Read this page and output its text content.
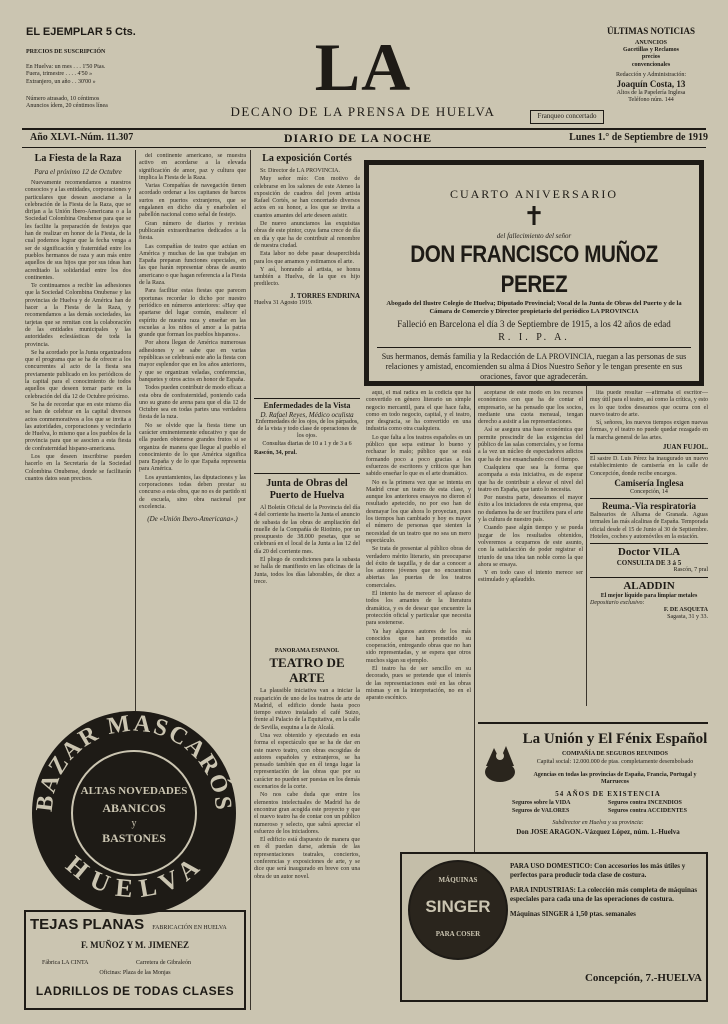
EL EJEMPLAR 5 Cts.
PRECIOS DE SUSCRIPCIÓN
En Huelva: un mes . . . 1'50 Ptas.
Fuera, trimestre . . . . 4'50 »
Extranjero, un año . . 30'00 »
Número atrasado, 10 céntimos
Anuncios ídem, 20 céntimos línea
LA
DECANO DE LA PRENSA DE HUELVA
ÚLTIMAS NOTICIAS
ANUNCIOS
Gacetillas y Reclamos
precios
convencionales
Redacción y Administración:
Joaquín Costa, 13
Altos de la Papelería Inglesa
Teléfono núm. 144
Franqueo concertado
Año XLVI.-Núm. 11.307	DIARIO DE LA NOCHE	Lunes 1.° de Septiembre de 1919
La Fiesta de la Raza
Para el próximo 12 de Octubre
Nuevamente recomendamos a nuestros consocios y a las entidades, corporaciones y particulares que desean asociarse a la celebración de la Fiesta de la Raza, que se dirijan a la Unión Ibero-Americana o a la Sociedad Colombina Onubense para que se les facilite la preparación de festejos que han de realizar en honor de la Fiesta, de la cual podemos lograr que la fecha venga a ser de significación y fraternidad entre los pueblos hermanos de raza y aun más entre aquellos de sus hijos que por sus ideas han acreditado la solidaridad entre los dos continentes.
Te continuamos a recibir las adhesiones que la Sociedad Colombina Onubense y las provincias de Huelva y de América han de hacer a la Fiesta de la Raza, y recomendamos a las demás sociedades, las tarjetas que se remitan con la colaboración de las entidades municipales y las autoridades eclesiásticas de toda la provincia.
Se ha acordado por la Junta organizadora que el programa que se ha de ofrecer a los concurrentes al acto de la fiesta sea previamente publicado en los periódicos de la capital para el conocimiento de todos aquellos que deseen tomar parte en la celebración del día 12 de Octubre próximo.
Se ha de recordar que en este mismo día se han de celebrar en la capital diversos actos conmemorativos a los que se invita a las autoridades, corporaciones y vecindario de Huelva, lo mismo que a los pueblos de la provincia para que se asocien a esta fiesta de confraternidad hispano-americana.
Los que deseen inscribirse pueden hacerlo en la Secretaría de la Sociedad Colombina Onubense, donde se facilitarán cuantos datos sean precisos.
del continente americano, se muestra activo en acordarse a la elevada significación de amor, paz y cultura que implica la Fiesta de la Raza.
Varias Compañías de navegación tienen acordado ordenar a los capitanes de barcos surtos en puertos extranjeros, que se engalanen en dicho día y enarbolen el pabellón nacional como señal de festejo.
Gran número de diarios y revistas publicarán extraordinarios dedicados a la fiesta.
Las compañías de teatro que actúan en América y muchas de las que trabajan en España preparan funciones especiales, en las que harán representar obras de asunto americano o que hagan referencia a la Fiesta de la Raza.
Para facilitar estas fiestas que parecen oportunas recordar lo dicho por nuestro periódico en números anteriores: «Hay que apartarse del lugar común, enaltecer el espíritu de nuestra raza y enseñar en las escuelas a los niños el amor a la patria grande que forman los pueblos hispanos».
Por ahora llegan de América numerosas adhesiones y se sabe que en varias repúblicas se celebrará este año la fiesta con mayor esplendor que en los años anteriores, y que se organizan veladas, conferencias, banquetes y otros actos en honor de España.
Todos pueden contribuir de modo eficaz a esta obra de confraternidad, poniendo cada uno su grano de arena para que el día 12 de Octubre sea en todas partes una verdadera fiesta de la raza.
No se olvide que la fiesta tiene un carácter eminentemente educativo y que de ella pueden obtenerse grandes frutos si se organiza de manera que llegue al pueblo el conocimiento de lo que América significa para España y de lo que España representa para América.
Los ayuntamientos, las diputaciones y las corporaciones todas deben prestar su concurso a esta obra, que no es de partido ni de escuela, sino obra nacional por excelencia.
(De «Unión Ibero-Americana».)
La exposición Cortés
Sr. Director de LA PROVINCIA.
Muy señor mío: Con motivo de celebrarse en los salones de este Ateneo la exposición de cuadros del joven artista Rafael Cortés, se han concertado diversos actos en su honor, a los que se invita a cuantos amantes del arte deseen asistir.
De nuevo anunciamos las exquisitas obras de este pintor, cuya fama crece de día en día y que ha de contribuir al renombre de nuestra ciudad.
Esta labor no debe pasar desapercibida para los que amamos y estimamos el arte.
Y así, honrando al artista, se honra también a Huelva, de la que es hijo predilecto.
J. TORRES ENDRINA
Huelva 31 Agosto 1919.
Enfermedades de la Vista
D. Rafael Reyes, Médico oculista
Enfermedades de los ojos, de los párpados, de la vista y todo clase de operaciones de los ojos.
Consultas diarias de 10 a 1 y de 3 a 6
Rascón, 34, pral.
Junta de Obras del Puerto de Huelva
Al Boletín Oficial de la Provincia del día 4 del corriente ha inserto la Junta el anuncio de subasta de las obras de ampliación del muelle de la Compañía de Riotinto, por un presupuesto de 38.000 pesetas, que se celebrará en el local de la Junta a las 12 del día 20 del corriente mes.
El pliego de condiciones para la subasta se halla de manifiesto en las oficinas de la Junta, todos los días laborables, de diez a trece.
PANORAMA ESPAÑOL
TEATRO DE ARTE
La plausible iniciativa van a iniciar la reaparición de uno de los teatros de arte de Madrid, el edificio donde hasta poco tiempo estuvo instalado el café Suizo, frente al Palacio de la Equitativa, en la calle de Sevilla, esquina a la de Alcalá.
Una vez obtenido y ejecutado en esta forma el espectáculo que se ha de dar en este nuevo teatro, con obras escogidas de autores españoles y extranjeros, se ha pensado también que en él tenga lugar la representación de las obras que por su carácter no pueden ser puestas en los demás escenarios de la corte.
No nos cabe duda que entre los elementos intelectuales de Madrid ha de encontrar gran acogida este proyecto y que el nuevo teatro ha de contar con un público numeroso y selecto, que sabrá apreciar el esfuerzo de los iniciadores.
El edificio está dispuesto de manera que en él puedan darse, además de las representaciones teatrales, conciertos, conferencias y exposiciones de arte, y se dice que será inaugurado en breve con una obra de un autor novel.
CUARTO ANIVERSARIO
✝
del fallecimiento del señor
DON FRANCISCO MUÑOZ PEREZ
Abogado del Ilustre Colegio de Huelva; Diputado Provincial; Vocal de la Junta de Obras del Puerto y de la Cámara de Comercio y Director propietario del periódico LA PROVINCIA
Falleció en Barcelona el día 3 de Septiembre de 1915, a los 42 años de edad
R. I. P. A.
Sus hermanos, demás familia y la Redacción de LA PROVINCIA, ruegan a las personas de sus relaciones y amistad, encomienden su alma á Dios Nuestro Señor y le tengan presente en sus oraciones, favor que agradecerán.
aquí, el mal radica en la codicia que ha convertido en género literario un simple negocio mercantil, para el que hace falta, como en todo negocio, capital, y el teatro, por desgracia, se ha convertido en una industria como otra cualquiera.
Lo que falta a los teatros españoles es un público que sepa estimar lo bueno y rechazar lo malo; público que se está formando poco a poco gracias a los esfuerzos de escritores y críticos que han sabido enseñar lo que es el arte dramático.
No es la primera vez que se intenta en Madrid crear un teatro de esta clase, y aunque los anteriores ensayos no dieron el resultado apetecido, no por eso han de desmayar los que ahora lo proyectan, pues los tiempos han cambiado y hoy es mayor el número de personas que sienten la necesidad de un teatro que no sea un mero espectáculo.
Se trata de presentar al público obras de verdadero mérito literario, sin preocuparse del éxito de taquilla, y de dar a conocer a los autores jóvenes que no encuentran abiertas las puertas de los teatros comerciales.
El intento ha de merecer el aplauso de todos los amantes de la literatura dramática, y es de desear que encuentre la protección oficial y particular que necesita para sostenerse.
Ya hay algunos autores de los más conocidos que han prometido su cooperación, entregando obras que no han sido representadas, y se espera que otros muchos sigan su ejemplo.
El teatro ha de ser sencillo en su decorado, pues se pretende que el interés de las representaciones esté en las obras mismas y en la interpretación, no en el aparato escénico.
aceptarse de este modo en los recursos económicos con que ha de contar el empresario, se ha pensado que los socios, mediante una cuota mensual, tengan derecho a asistir a las representaciones.
Así se asegura una base económica que permite prescindir de las exigencias del público de las salas comerciales, y se forma a la vez un núcleo de espectadores adictos que ha de irse ensanchando con el tiempo.
Cualquiera que sea la forma que acompaña a esta iniciativa, es de esperar que ha de contribuir a elevar el nivel del teatro en España, que tanto lo necesita.
Por nuestra parte, deseamos el mayor éxito a los iniciadores de esta empresa, que no dudamos ha de ser fructífera para el arte y la cultura de nuestro país.
Cuando pase algún tiempo y se pueda juzgar de los resultados obtenidos, volveremos a ocuparnos de este asunto, con la satisfacción de poder registrar el triunfo de una idea tan noble como la que ahora se ensaya.
Y en todo caso el intento merece ser estimulado y aplaudido.
lita puede resultar —afirmaba el escritor— muy útil para el teatro, así como la crítica, y esto es lo que todos deseamos que ocurra con el nuevo teatro de arte.
Sí, señores, los nuevos tiempos exigen nuevas formas, y el teatro no puede quedar rezagado en la marcha general de las artes.
JUAN FUJOL.
El sastre D. Luis Pérez ha inaugurado un nuevo establecimiento de camisería en la calle de Concepción, donde recibe encargos.
Camisería Inglesa
Concepción, 14
Reuma.-Via respiratoria
Balnearios de Alhama de Granada. Aguas termales las más alcalinas de España. Temporada oficial desde el 15 de Junio al 30 de Septiembre. Hoteles, coches y automóviles en la estación.
Doctor VILA
CONSULTA DE 3 á 5
Rascón, 7 pral
ALADDIN
El mejor líquido para limpiar metales
Depositario exclusivo:
F. DE ASQUETA
Sagasta, 31 y 33.
La Unión y El Fénix Español
COMPAÑÍA DE SEGUROS REUNIDOS
Capital social: 12.000.000 de ptas. completamente desembolsado
Agencias en todas las provincias de España, Francia, Portugal y Marruecos
54 AÑOS DE EXISTENCIA
Seguros sobre la VIDA
Seguros de VALORES
Seguros contra INCENDIOS
Seguros contra ACCIDENTES
Subdirector en Huelva y su provincia:
Don JOSE ARAGON.-Vázquez López, núm. 1.-Huelva
MÁQUINAS
SINGER
PARA COSER
PARA USO DOMESTICO: Con accesorios los más útiles y perfectos para producir toda clase de costura.
PARA INDUSTRIAS: La colección más completa de máquinas especiales para cada una de las operaciones de costura.
Máquinas SINGER á 1,50 ptas. semanales
Concepción, 7.-HUELVA
BAZAR MASCARÓS
HUELVA
ALTAS NOVEDADES
ABANICOS
y
BASTONES
TEJAS PLANAS FABRICACIÓN EN HUELVA
F. MUÑOZ Y M. JIMENEZ
Fábrica LA CINTA	Carretera de Gibraleón
Oficinas: Plaza de las Monjas
LADRILLOS DE TODAS CLASES
